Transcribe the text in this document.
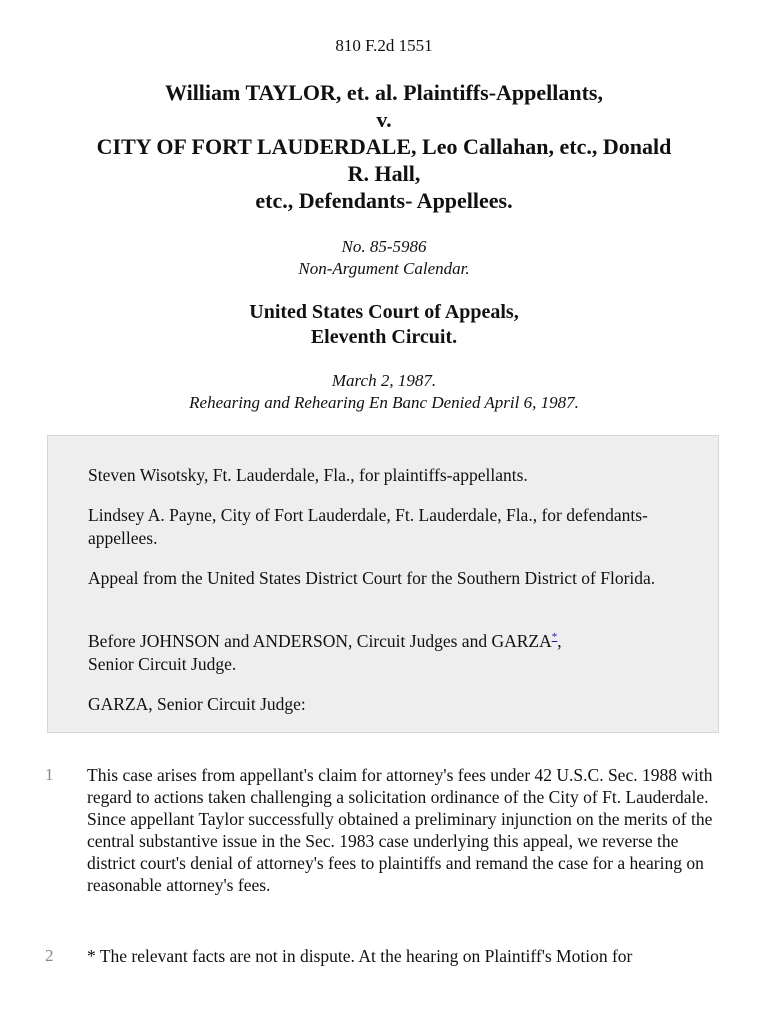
810 F.2d 1551
William TAYLOR, et. al. Plaintiffs-Appellants,
v.
CITY OF FORT LAUDERDALE, Leo Callahan, etc., Donald
R. Hall,
etc., Defendants- Appellees.
No. 85-5986
Non-Argument Calendar.
United States Court of Appeals,
Eleventh Circuit.
March 2, 1987.
Rehearing and Rehearing En Banc Denied April 6, 1987.

Steven Wisotsky, Ft. Lauderdale, Fla., for plaintiffs-appellants.

Lindsey A. Payne, City of Fort Lauderdale, Ft. Lauderdale, Fla., for defendants-appellees.

Appeal from the United States District Court for the Southern District of Florida.

Before JOHNSON and ANDERSON, Circuit Judges and GARZA*,
Senior Circuit Judge.

GARZA, Senior Circuit Judge:

1	This case arises from appellant's claim for attorney's fees under 42 U.S.C. Sec. 1988 with regard to actions taken challenging a solicitation ordinance of the City of Ft. Lauderdale. Since appellant Taylor successfully obtained a preliminary injunction on the merits of the central substantive issue in the Sec. 1983 case underlying this appeal, we reverse the district court's denial of attorney's fees to plaintiffs and remand the case for a hearing on reasonable attorney's fees.
2	* The relevant facts are not in dispute. At the hearing on Plaintiff's Motion for
